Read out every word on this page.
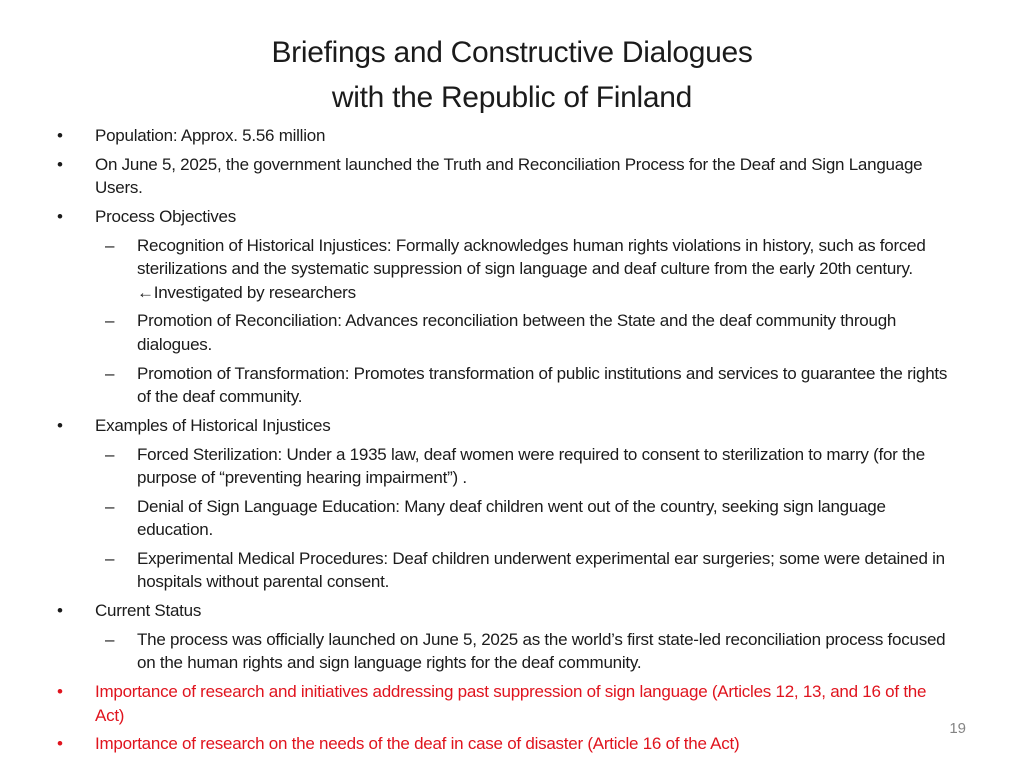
Briefings and Constructive Dialogues
with the Republic of Finland
•	Population: Approx. 5.56 million
•	On June 5, 2025, the government launched the Truth and Reconciliation Process for the Deaf and Sign Language Users.
•	Process Objectives
–	Recognition of Historical Injustices: Formally acknowledges human rights violations in history, such as forced sterilizations and the systematic suppression of sign language and deaf culture from the early 20th century. ←Investigated by researchers
–	Promotion of Reconciliation: Advances reconciliation between the State and the deaf community through dialogues.
–	Promotion of Transformation: Promotes transformation of public institutions and services to guarantee the rights of the deaf community.
•	Examples of Historical Injustices
–	Forced Sterilization: Under a 1935 law, deaf women were required to consent to sterilization to marry (for the purpose of “preventing hearing impairment”) .
–	Denial of Sign Language Education: Many deaf children went out of the country, seeking sign language education.
–	Experimental Medical Procedures: Deaf children underwent experimental ear surgeries; some were detained in hospitals without parental consent.
•	Current Status
–	The process was officially launched on June 5, 2025 as the world’s first state-led reconciliation process focused on the human rights and sign language rights for the deaf community.
•	Importance of research and initiatives addressing past suppression of sign language (Articles 12, 13, and 16 of the Act)
•	Importance of research on the needs of the deaf in case of disaster (Article 16 of the Act)
19
